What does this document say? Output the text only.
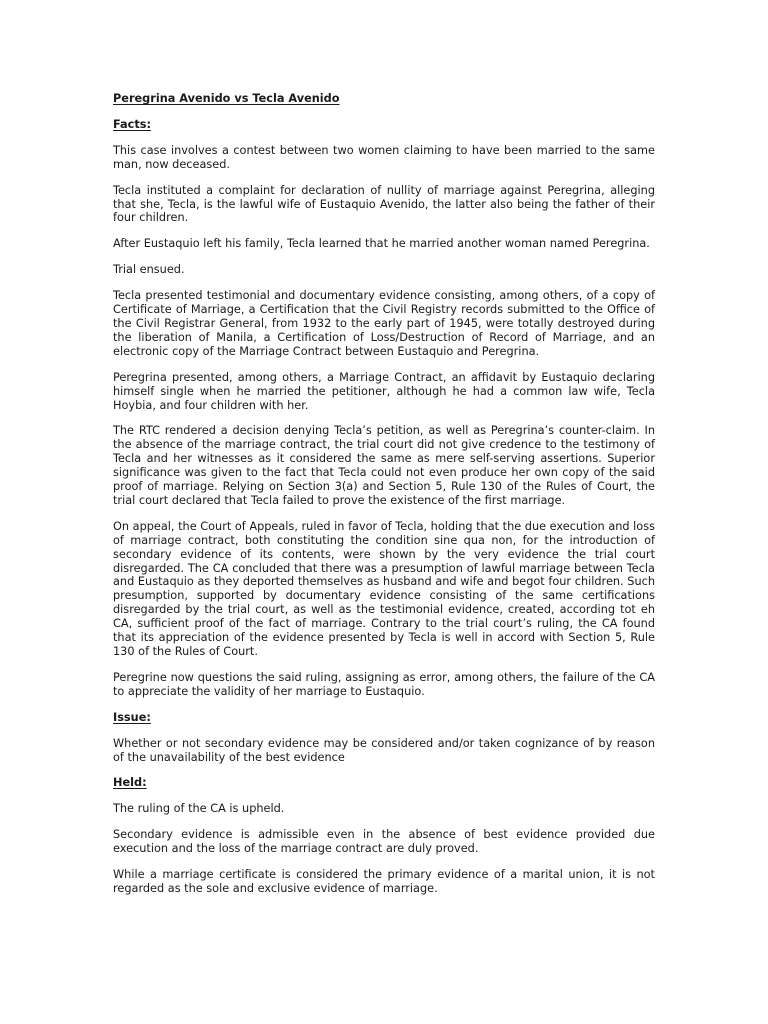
Peregrina Avenido vs Tecla Avenido
Facts:

This case involves a contest between two women claiming to have been married to the same man, now deceased.

Tecla instituted a complaint for declaration of nullity of marriage against Peregrina, alleging that she, Tecla, is the lawful wife of Eustaquio Avenido, the latter also being the father of their four children.

After Eustaquio left his family, Tecla learned that he married another woman named Peregrina.

Trial ensued.

Tecla presented testimonial and documentary evidence consisting, among others, of a copy of Certificate of Marriage, a Certification that the Civil Registry records submitted to the Office of the Civil Registrar General, from 1932 to the early part of 1945, were totally destroyed during the liberation of Manila, a Certification of Loss/Destruction of Record of Marriage, and an electronic copy of the Marriage Contract between Eustaquio and Peregrina.

Peregrina presented, among others, a Marriage Contract, an affidavit by Eustaquio declaring himself single when he married the petitioner, although he had a common law wife, Tecla Hoybia, and four children with her.

The RTC rendered a decision denying Tecla’s petition, as well as Peregrina’s counter-claim. In the absence of the marriage contract, the trial court did not give credence to the testimony of Tecla and her witnesses as it considered the same as mere self-serving assertions. Superior significance was given to the fact that Tecla could not even produce her own copy of the said proof of marriage. Relying on Section 3(a) and Section 5, Rule 130 of the Rules of Court, the trial court declared that Tecla failed to prove the existence of the first marriage.

On appeal, the Court of Appeals, ruled in favor of Tecla, holding that the due execution and loss of marriage contract, both constituting the condition sine qua non, for the introduction of secondary evidence of its contents, were shown by the very evidence the trial court disregarded. The CA concluded that there was a presumption of lawful marriage between Tecla and Eustaquio as they deported themselves as husband and wife and begot four children. Such presumption, supported by documentary evidence consisting of the same certifications disregarded by the trial court, as well as the testimonial evidence, created, according tot eh CA, sufficient proof of the fact of marriage. Contrary to the trial court’s ruling, the CA found that its appreciation of the evidence presented by Tecla is well in accord with Section 5, Rule 130 of the Rules of Court.

Peregrine now questions the said ruling, assigning as error, among others, the failure of the CA to appreciate the validity of her marriage to Eustaquio.

Issue:

Whether or not secondary evidence may be considered and/or taken cognizance of by reason of the unavailability of the best evidence

Held:

The ruling of the CA is upheld.

Secondary evidence is admissible even in the absence of best evidence provided due execution and the loss of the marriage contract are duly proved.

While a marriage certificate is considered the primary evidence of a marital union, it is not regarded as the sole and exclusive evidence of marriage.
